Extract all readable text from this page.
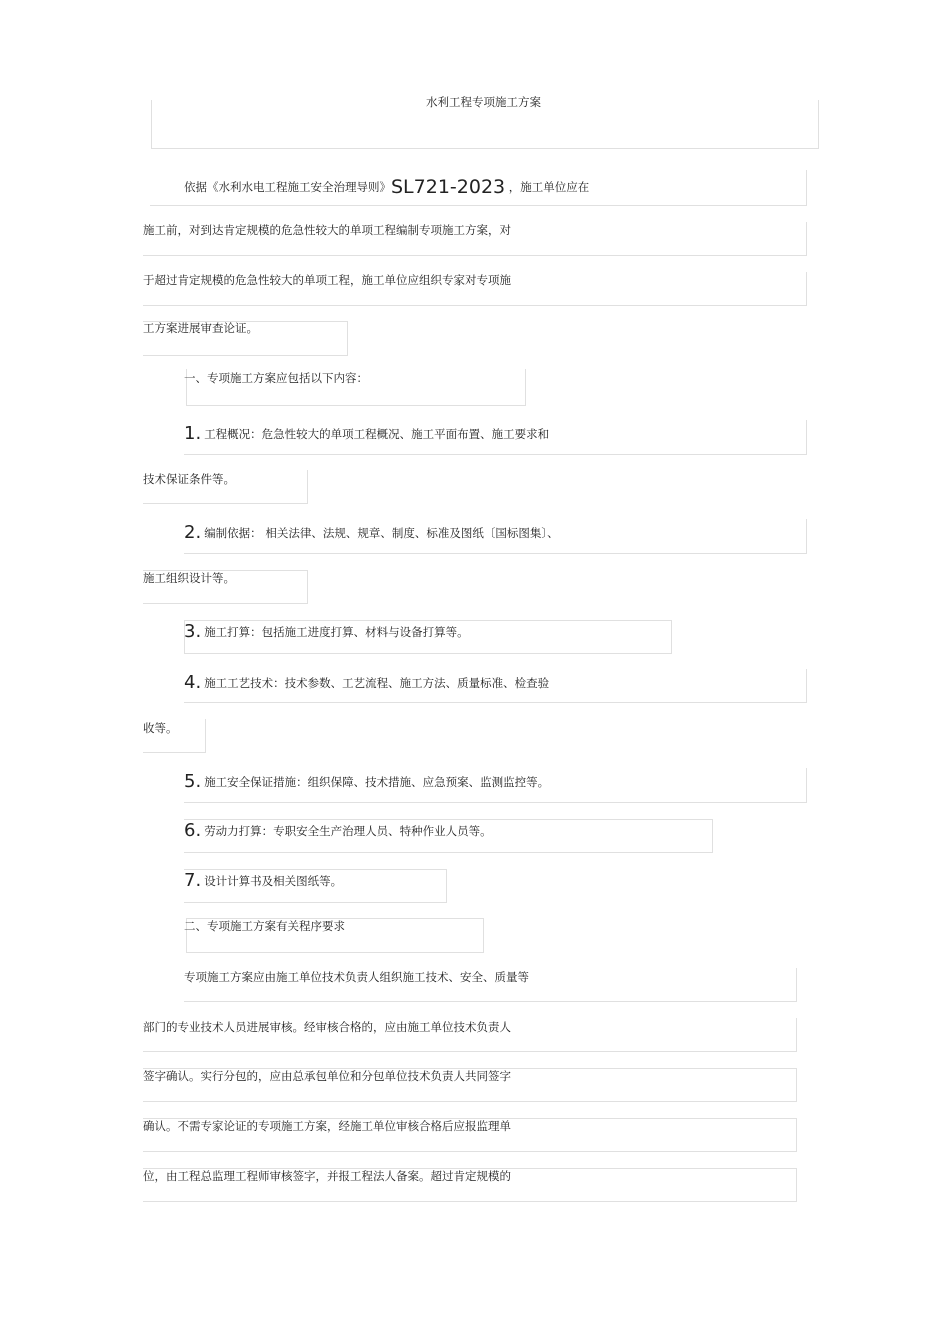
水利工程专项施工方案
依据《水利水电工程施工安全治理导则》SL721-2023 ，施工单位应在
施工前，对到达肯定规模的危急性较大的单项工程编制专项施工方案，对
于超过肯定规模的危急性较大的单项工程，施工单位应组织专家对专项施
工方案进展审查论证。
一、专项施工方案应包括以下内容：
1. 工程概况：危急性较大的单项工程概况、施工平面布置、施工要求和
技术保证条件等。
2. 编制依据： 相关法律、法规、规章、制度、标准及图纸〔国标图集〕、
施工组织设计等。
3. 施工打算：包括施工进度打算、材料与设备打算等。
4. 施工工艺技术：技术参数、工艺流程、施工方法、质量标准、检查验
收等。
5. 施工安全保证措施：组织保障、技术措施、应急预案、监测监控等。
6. 劳动力打算：专职安全生产治理人员、特种作业人员等。
7. 设计计算书及相关图纸等。
二、专项施工方案有关程序要求
专项施工方案应由施工单位技术负责人组织施工技术、安全、质量等
部门的专业技术人员进展审核。经审核合格的，应由施工单位技术负责人
签字确认。实行分包的，应由总承包单位和分包单位技术负责人共同签字
确认。不需专家论证的专项施工方案，经施工单位审核合格后应报监理单
位，由工程总监理工程师审核签字，并报工程法人备案。超过肯定规模的
